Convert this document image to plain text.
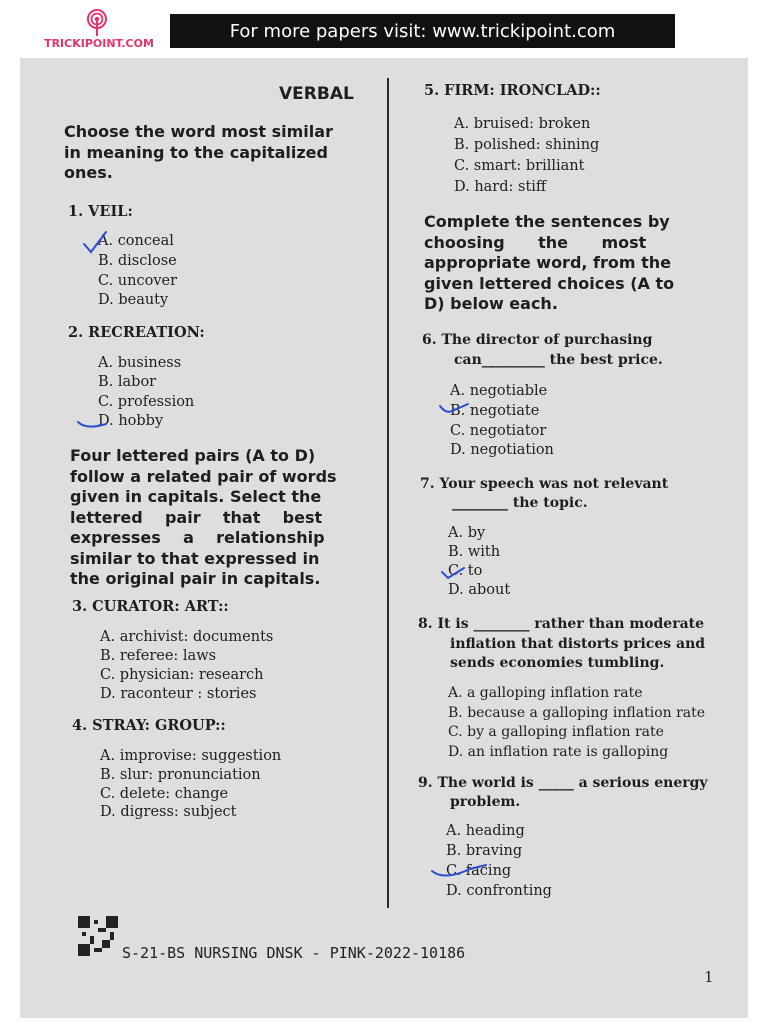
TRICKIPOINT.COM
For more papers visit: www.trickipoint.com
VERBAL
Choose the word most similar
in meaning to the capitalized
ones.
1. VEIL:
A. conceal
B. disclose
C. uncover
D. beauty
2. RECREATION:
A. business
B. labor
C. profession
D. hobby
Four lettered pairs (A to D)
follow a related pair of words
given in capitals. Select the
lettered    pair    that    best
expresses    a    relationship
similar to that expressed in
the original pair in capitals.
3. CURATOR: ART::
A. archivist: documents
B. referee: laws
C. physician: research
D. raconteur : stories
4. STRAY: GROUP::
A. improvise: suggestion
B. slur: pronunciation
C. delete: change
D. digress: subject
5. FIRM: IRONCLAD::
A. bruised: broken
B. polished: shining
C. smart: brilliant
D. hard: stiff
Complete the sentences by
choosing      the      most
appropriate word, from the
given lettered choices (A to
D) below each.
6. The director of purchasing
can_________ the best price.
A. negotiable
B. negotiate
C. negotiator
D. negotiation
7. Your speech was not relevant
________ the topic.
A. by
B. with
C. to
D. about
8. It is ________ rather than moderate
inflation that distorts prices and
sends economies tumbling.
A. a galloping inflation rate
B. because a galloping inflation rate
C. by a galloping inflation rate
D. an inflation rate is galloping
9. The world is _____ a serious energy
problem.
A. heading
B. braving
C. facing
D. confronting
S-21-BS NURSING DNSK - PINK-2022-10186
1
